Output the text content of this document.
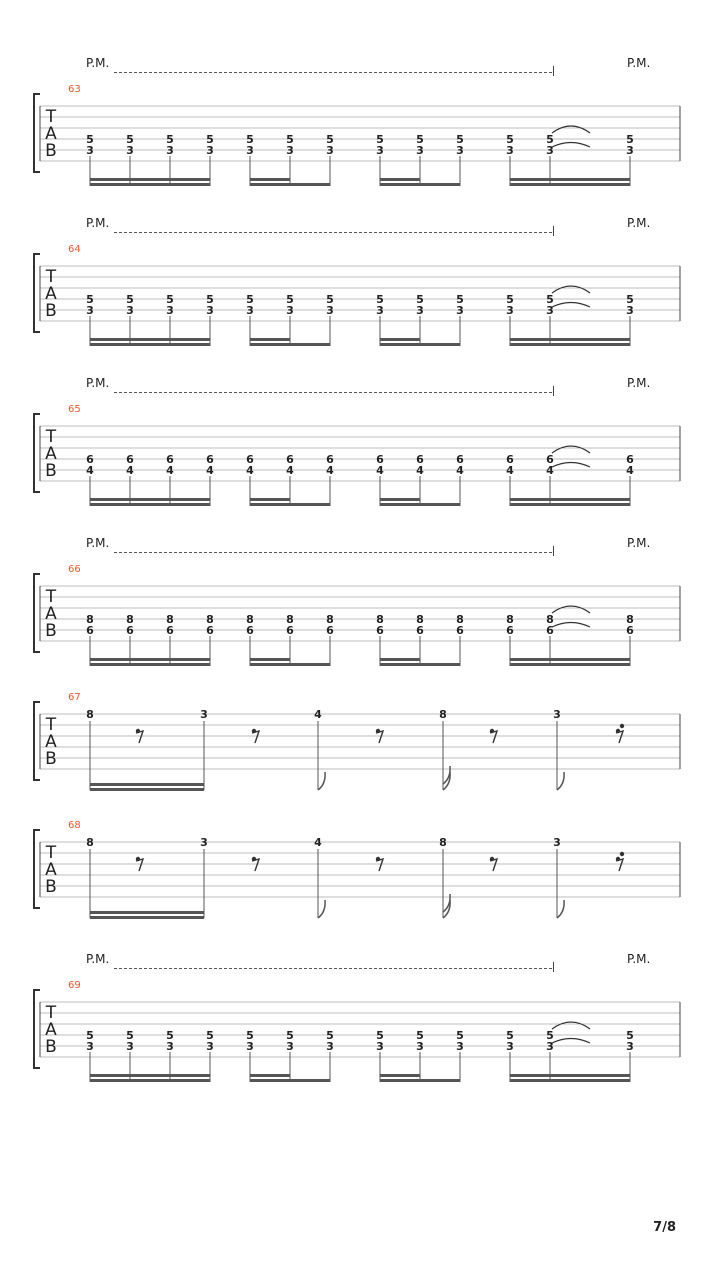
P.M.	P.M.
63
T
A
B
5
3
5
3
5
3
5
3
5
3
5
3
5
3
5
3
5
3
5
3
5
3
5
3
5
3
P.M.	P.M.
64
T
A
B
5
3
5
3
5
3
5
3
5
3
5
3
5
3
5
3
5
3
5
3
5
3
5
3
5
3
P.M.	P.M.
65
T
A
B
6
4
6
4
6
4
6
4
6
4
6
4
6
4
6
4
6
4
6
4
6
4
6
4
6
4
P.M.	P.M.
66
T
A
B
8
6
8
6
8
6
8
6
8
6
8
6
8
6
8
6
8
6
8
6
8
6
8
6
8
6
67
T
A
B
8	3	4	8	3
68
T
A
B
8	3	4	8	3
P.M.	P.M.
69
T
A
B
5
3
5
3
5
3
5
3
5
3
5
3
5
3
5
3
5
3
5
3
5
3
5
3
5
3
7/8
